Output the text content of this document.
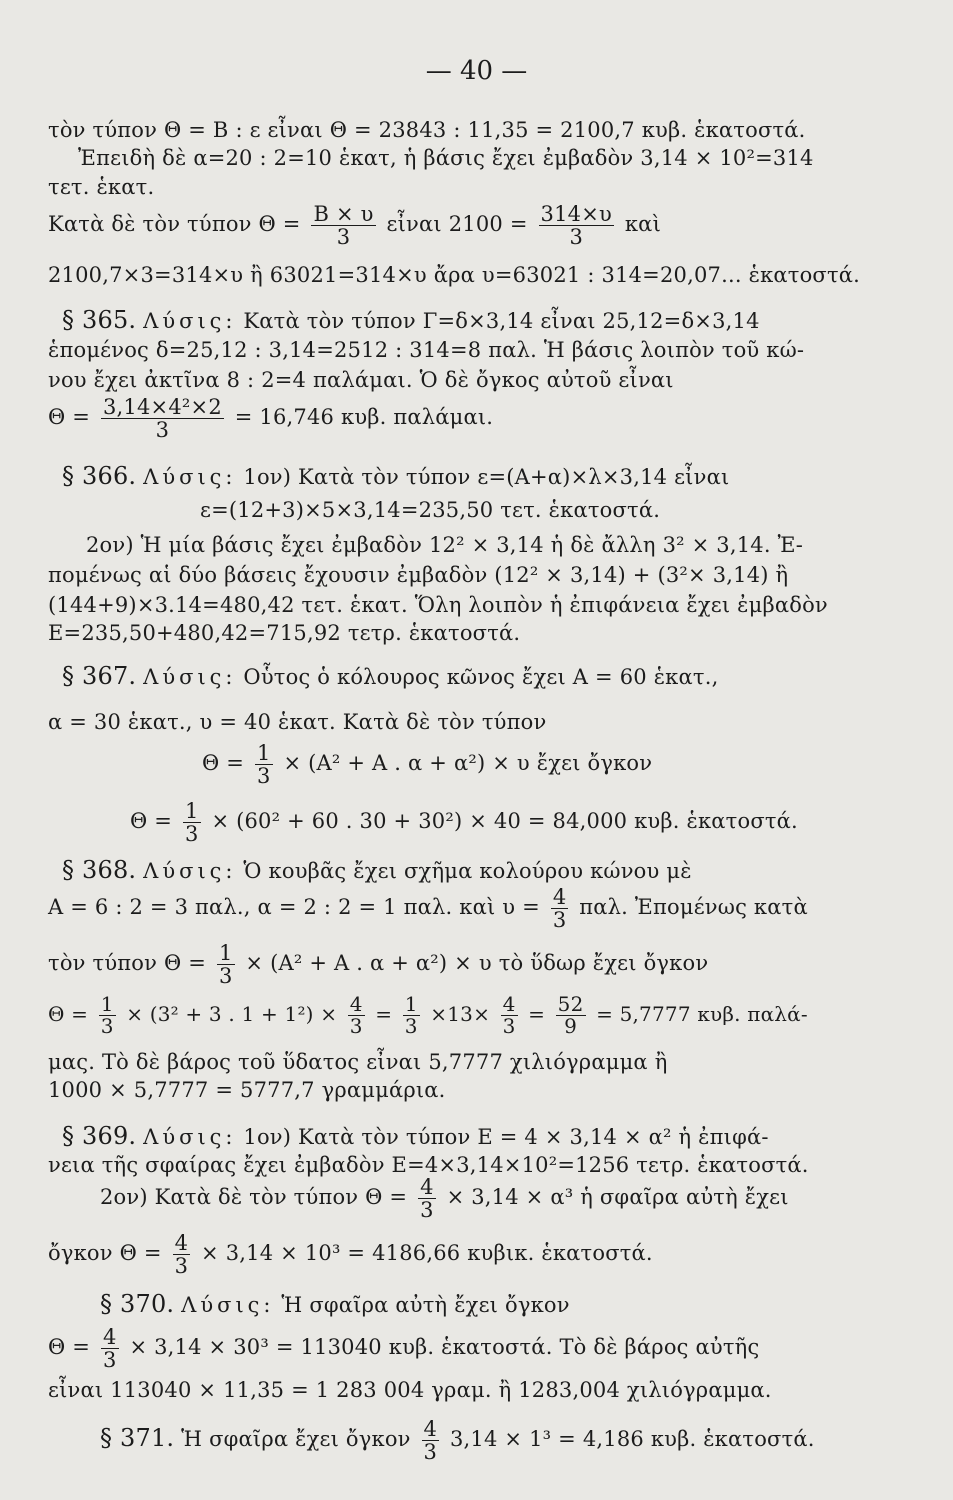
— 40 —
τὸν τύπον Θ = Β : ε εἶναι Θ = 23843 : 11,35 = 2100,7 κυβ. ἑκατοστά.
Ἐπειδὴ δὲ α=20 : 2=10 ἑκατ, ἡ βάσις ἔχει ἐμβαδὸν 3,14 × 10²=314
τετ. ἑκατ.
Κατὰ δὲ τὸν τύπον $\Theta = \frac{B \times \upsilon}{3}$ εἶναι $2100 = \frac{314\times\upsilon}{3}$ καὶ
2100,7×3=314×υ ἢ 63021=314×υ ἄρα υ=63021 : 314=20,07... ἑκατοστά.
§ 365. Λύσις: Κατὰ τὸν τύπον Γ=δ×3,14 εἶναι 25,12=δ×3,14
ἑπομένος δ=25,12 : 3,14=2512 : 314=8 παλ. Ἡ βάσις λοιπὸν τοῦ κώ-
νου ἔχει ἀκτῖνα 8 : 2=4 παλάμαι. Ὁ δὲ ὄγκος αὐτοῦ εἶναι
$\Theta = \frac{\text{3,14×4²×2}}{3} = 16,746$ κυβ. παλάμαι.
§ 366. Λύσις: 1ον) Κατὰ τὸν τύπον ε=(Α+α)×λ×3,14 εἶναι
ε=(12+3)×5×3,14=235,50 τετ. ἑκατοστά.
2ον) Ἡ μία βάσις ἔχει ἐμβαδὸν 12² × 3,14 ἡ δὲ ἄλλη 3² × 3,14. Ἐ-
πομένως αἱ δύο βάσεις ἔχουσιν ἐμβαδὸν (12² × 3,14) + (3²× 3,14) ἢ
(144+9)×3.14=480,42 τετ. ἑκατ. Ὅλη λοιπὸν ἡ ἐπιφάνεια ἔχει ἐμβαδὸν
Ε=235,50+480,42=715,92 τετρ. ἑκατοστά.
§ 367. Λύσις: Οὗτος ὁ κόλουρος κῶνος ἔχει Α = 60 ἑκατ.,
α = 30 ἑκατ., υ = 40 ἑκατ. Κατὰ δὲ τὸν τύπον
$\Theta = \frac{1}{3} \times (A^2 + A$ . α + α²) × υ ἔχει ὄγκον
$\Theta = \frac{1}{3} \times (60^2 + 60$ . 30 + 30²) × 40 = 84,000 κυβ. ἑκατοστά.
§ 368. Λύσις: Ὁ κουβᾶς ἔχει σχῆμα κολούρου κώνου μὲ
Α = 6 : 2 = 3 παλ., α = 2 : 2 = 1 παλ. καὶ $\upsilon = \frac{4}{3} \pi\alpha\lambda$. Ἐπομένως κατὰ
τὸν τύπον $\Theta = \frac{1}{3} \times (A^2 + A$ . α + α²) × υ τὸ ὕδωρ ἔχει ὄγκον
$\Theta = \frac{1}{3} \times (3^2 + 3$ . $1 + 1^2) \times \frac{4}{3} = \frac{1}{3} \times 13\times \frac{4}{3} = \frac{52}{9} = 5,7777$ κυβ. παλά-
μας. Τὸ δὲ βάρος τοῦ ὕδατος εἶναι 5,7777 χιλιόγραμμα ἢ
1000 × 5,7777 = 5777,7 γραμμάρια.
§ 369. Λύσις: 1ον) Κατὰ τὸν τύπον Ε = 4 × 3,14 × α² ἡ ἐπιφά-
νεια τῆς σφαίρας ἔχει ἐμβαδὸν Ε=4×3,14×10²=1256 τετρ. ἑκατοστά.
2ον) Κατὰ δὲ τὸν τύπον $\Theta = \frac{4}{3} \times 3,14 \times \alpha^3$ ἡ σφαῖρα αὐτὴ ἔχει
ὄγκον $\Theta = \frac{4}{3} \times 3,14 \times 10^3 = 4186,66$ κυβικ. ἑκατοστά.
§ 370. Λύσις: Ἡ σφαῖρα αὐτὴ ἔχει ὄγκον
$\Theta = \frac{4}{3} \times 3,14 \times 30^3 = 113040$ κυβ. ἑκατοστά. Τὸ δὲ βάρος αὐτῆς
εἶναι 113040 × 11,35 = 1 283 004 γραμ. ἢ 1283,004 χιλιόγραμμα.
§ 371. Ἡ σφαῖρα ἔχει ὄγκον $\frac{4}{3} 3,14 \times 1^3 = 4,186$ κυβ. ἑκατοστά.
